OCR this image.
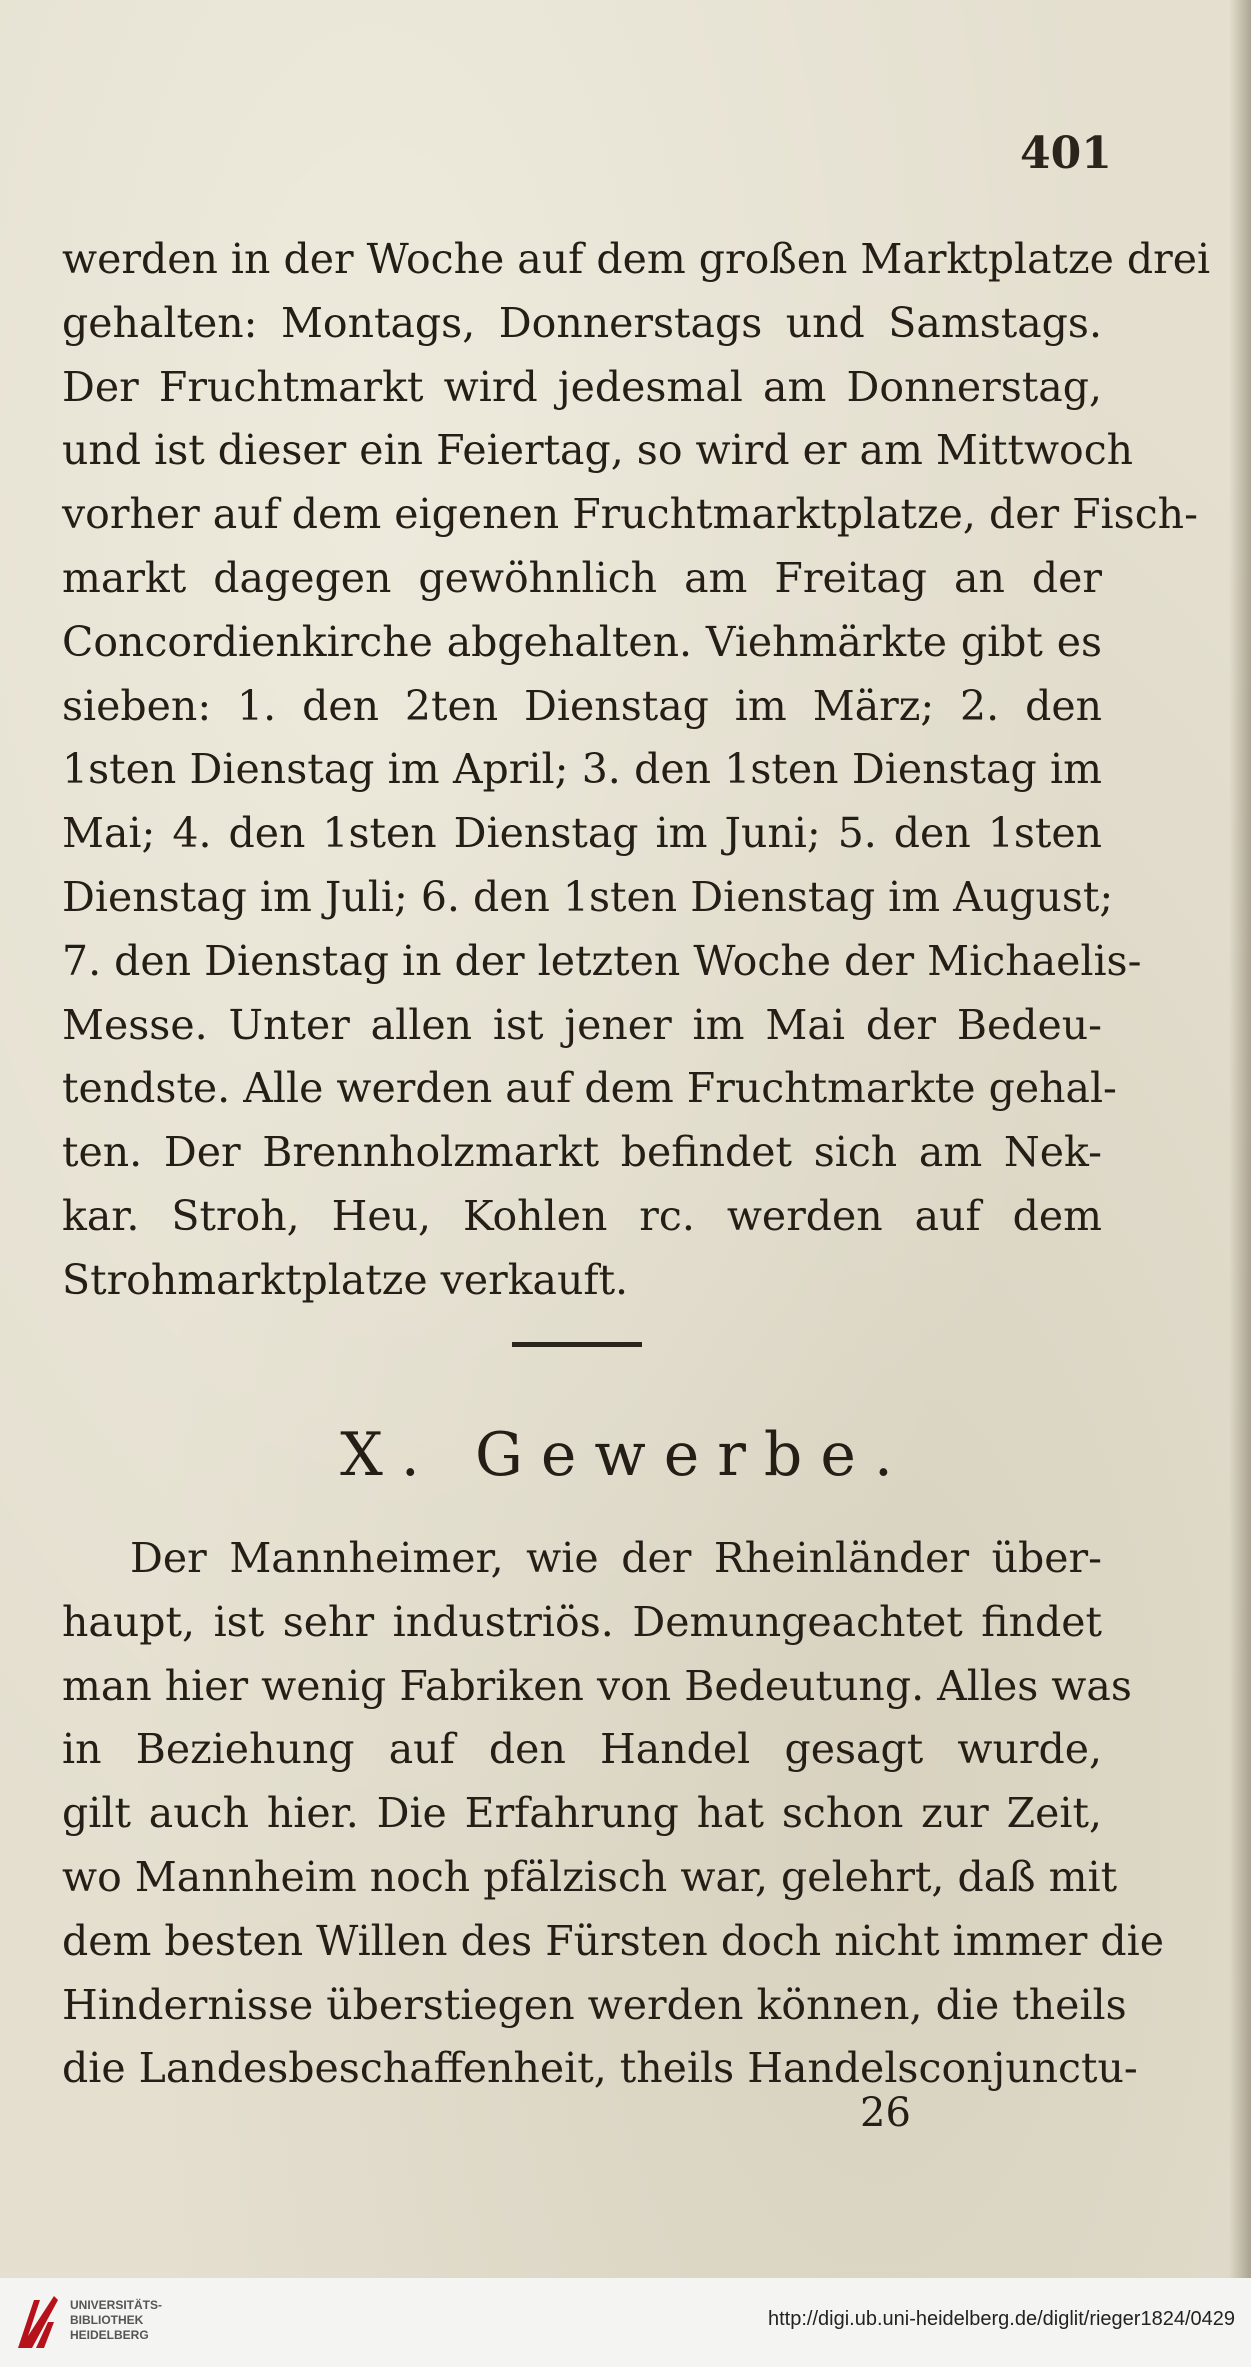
401
werden in der Woche auf dem großen Marktplatze drei
gehalten: Montags, Donnerstags und Samstags.
Der Fruchtmarkt wird jedesmal am Donnerstag,
und ist dieser ein Feiertag, so wird er am Mittwoch
vorher auf dem eigenen Fruchtmarktplatze, der Fisch-
markt dagegen gewöhnlich am Freitag an der
Concordienkirche abgehalten. Viehmärkte gibt es
sieben: 1. den 2ten Dienstag im März; 2. den
1sten Dienstag im April; 3. den 1sten Dienstag im
Mai; 4. den 1sten Dienstag im Juni; 5. den 1sten
Dienstag im Juli; 6. den 1sten Dienstag im August;
7. den Dienstag in der letzten Woche der Michaelis-
Messe. Unter allen ist jener im Mai der Bedeu-
tendste. Alle werden auf dem Fruchtmarkte gehal-
ten. Der Brennholzmarkt befindet sich am Nek-
kar. Stroh, Heu, Kohlen rc. werden auf dem
Strohmarktplatze verkauft.
X. Gewerbe.
Der Mannheimer, wie der Rheinländer über-
haupt, ist sehr industriös. Demungeachtet findet
man hier wenig Fabriken von Bedeutung. Alles was
in Beziehung auf den Handel gesagt wurde,
gilt auch hier. Die Erfahrung hat schon zur Zeit,
wo Mannheim noch pfälzisch war, gelehrt, daß mit
dem besten Willen des Fürsten doch nicht immer die
Hindernisse überstiegen werden können, die theils
die Landesbeschaffenheit, theils Handelsconjunctu-
26
UNIVERSITÄTS-
BIBLIOTHEK
HEIDELBERG
http://digi.ub.uni-heidelberg.de/diglit/rieger1824/0429
